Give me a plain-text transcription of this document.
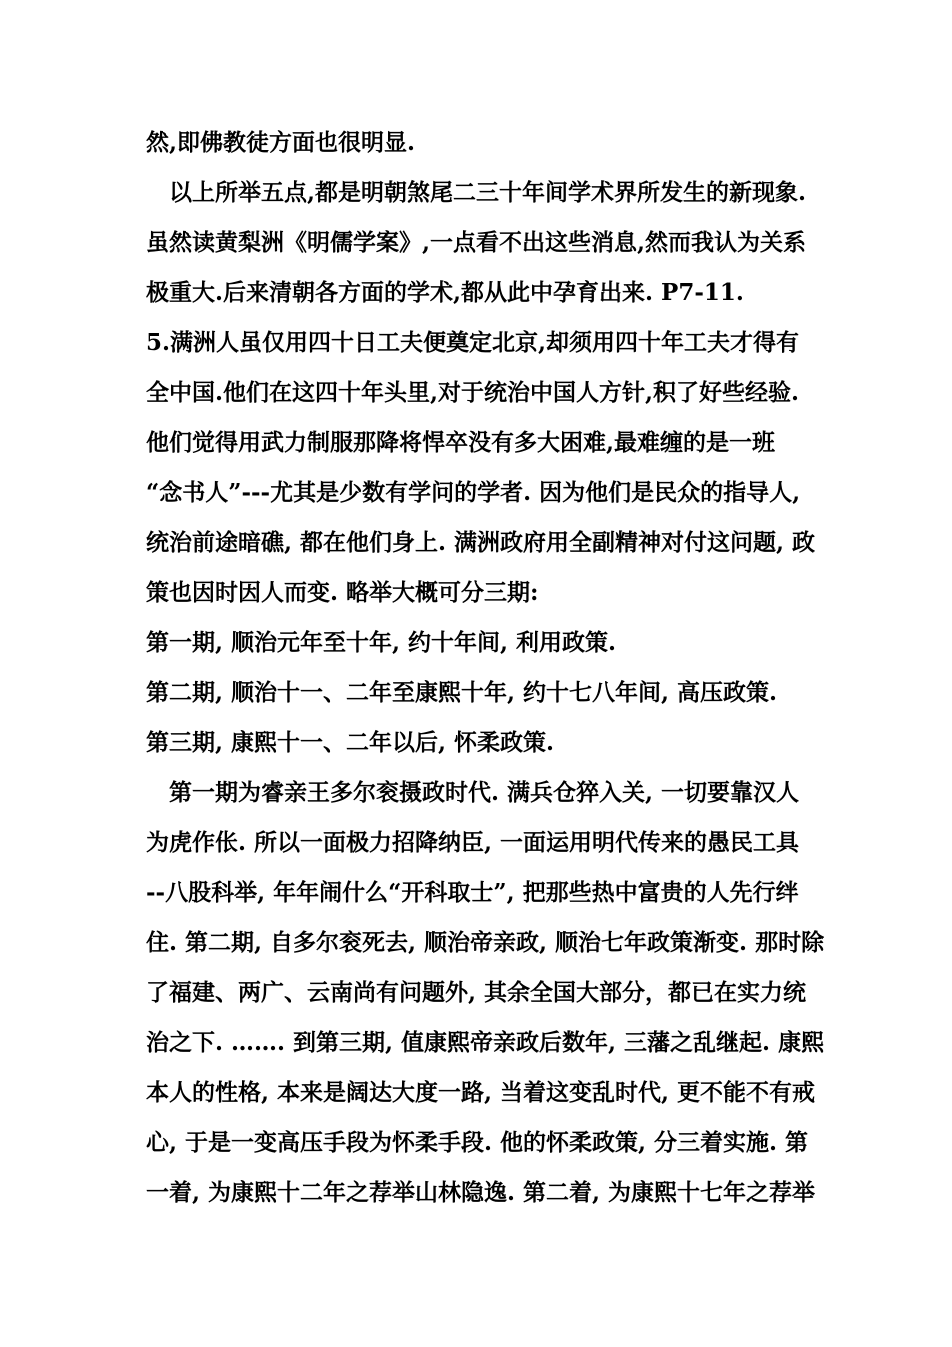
然,即佛教徒方面也很明显.
以上所举五点,都是明朝煞尾二三十年间学术界所发生的新现象.
虽然读黄梨洲《明儒学案》,一点看不出这些消息,然而我认为关系
极重大.后来清朝各方面的学术,都从此中孕育出来. P7-11.
5.满洲人虽仅用四十日工夫便奠定北京,却须用四十年工夫才得有
全中国.他们在这四十年头里,对于统治中国人方针,积了好些经验.
他们觉得用武力制服那降将悍卒没有多大困难,最难缠的是一班
“念书人”---尤其是少数有学问的学者. 因为他们是民众的指导人,
统治前途暗礁, 都在他们身上. 满洲政府用全副精神对付这问题, 政
策也因时因人而变. 略举大概可分三期:
第一期, 顺治元年至十年, 约十年间, 利用政策.
第二期, 顺治十一、二年至康熙十年, 约十七八年间, 高压政策.
第三期, 康熙十一、二年以后, 怀柔政策.
第一期为睿亲王多尔衮摄政时代. 满兵仓猝入关, 一切要靠汉人
为虎作伥. 所以一面极力招降纳臣, 一面运用明代传来的愚民工具
--八股科举, 年年闹什么“开科取士”, 把那些热中富贵的人先行绊
住. 第二期, 自多尔衮死去, 顺治帝亲政, 顺治七年政策渐变. 那时除
了福建、两广、云南尚有问题外, 其余全国大部分，都已在实力统
治之下. ……. 到第三期, 值康熙帝亲政后数年, 三藩之乱继起. 康熙
本人的性格, 本来是阔达大度一路, 当着这变乱时代, 更不能不有戒
心, 于是一变高压手段为怀柔手段. 他的怀柔政策, 分三着实施. 第
一着, 为康熙十二年之荐举山林隐逸. 第二着, 为康熙十七年之荐举
